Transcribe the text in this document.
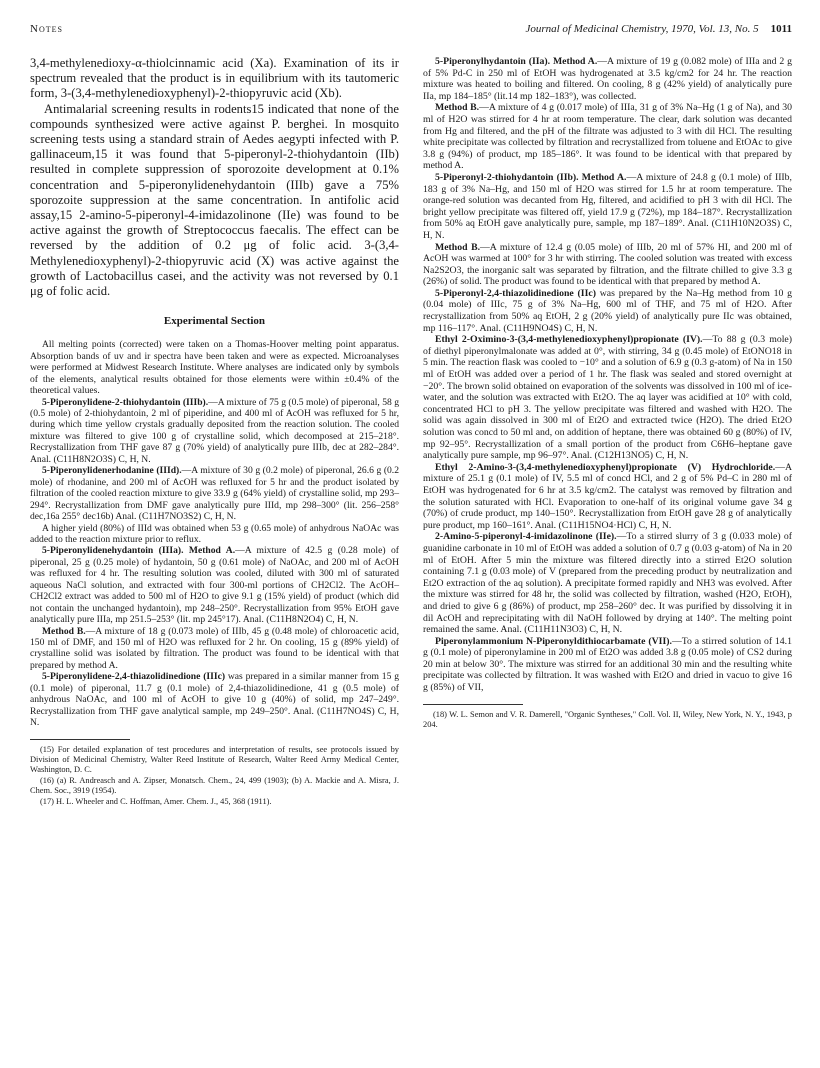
Notes	Journal of Medicinal Chemistry, 1970, Vol. 13, No. 5 1011

3,4-methylenedioxy-α-thiolcinnamic acid (Xa). Examination of its ir spectrum revealed that the product is in equilibrium with its tautomeric form, 3-(3,4-methylenedioxyphenyl)-2-thiopyruvic acid (Xb).

Antimalarial screening results in rodents15 indicated that none of the compounds synthesized were active against P. berghei. In mosquito screening tests using a standard strain of Aedes aegypti infected with P. gallinaceum,15 it was found that 5-piperonyl-2-thiohydantoin (IIb) resulted in complete suppression of sporozoite development at 0.1% concentration and 5-piperonylidenehydantoin (IIIb) gave a 75% sporozoite suppression at the same concentration. In antifolic acid assay,15 2-amino-5-piperonyl-4-imidazolinone (IIe) was found to be active against the growth of Streptococcus faecalis. The effect can be reversed by the addition of 0.2 μg of folic acid. 3-(3,4-Methylenedioxyphenyl)-2-thiopyruvic acid (X) was active against the growth of Lactobacillus casei, and the activity was not reversed by 0.1 μg of folic acid.

Experimental Section

All melting points (corrected) were taken on a Thomas-Hoover melting point apparatus. Absorption bands of uv and ir spectra have been taken and were as expected. Microanalyses were performed at Midwest Research Institute. Where analyses are indicated only by symbols of the elements, analytical results obtained for those elements were within ±0.4% of the theoretical values.

5-Piperonylidene-2-thiohydantoin (IIIb).—A mixture of 75 g (0.5 mole) of piperonal, 58 g (0.5 mole) of 2-thiohydantoin, 2 ml of piperidine, and 400 ml of AcOH was refluxed for 5 hr, during which time yellow crystals gradually deposited from the reaction solution. The cooled mixture was filtered to give 100 g of crystalline solid, which decomposed at 215–218°. Recrystallization from THF gave 87 g (70% yield) of analytically pure IIIb, dec at 282–284°. Anal. (C11H8N2O3S) C, H, N.

5-Piperonylidenerhodanine (IIId).—A mixture of 30 g (0.2 mole) of piperonal, 26.6 g (0.2 mole) of rhodanine, and 200 ml of AcOH was refluxed for 5 hr and the product isolated by filtration of the cooled reaction mixture to give 33.9 g (64% yield) of crystalline solid, mp 293–294°. Recrystallization from DMF gave analytically pure IIId, mp 298–300° (lit. 256–258° dec,16a 255° dec16b) Anal. (C11H7NO3S2) C, H, N.

A higher yield (80%) of IIId was obtained when 53 g (0.65 mole) of anhydrous NaOAc was added to the reaction mixture prior to reflux.

5-Piperonylidenehydantoin (IIIa). Method A.—A mixture of 42.5 g (0.28 mole) of piperonal, 25 g (0.25 mole) of hydantoin, 50 g (0.61 mole) of NaOAc, and 200 ml of AcOH was refluxed for 4 hr. The resulting solution was cooled, diluted with 300 ml of saturated aqueous NaCl solution, and extracted with four 300-ml portions of CH2Cl2. The AcOH–CH2Cl2 extract was added to 500 ml of H2O to give 9.1 g (15% yield) of product (which did not contain the unchanged hydantoin), mp 248–250°. Recrystallization from 95% EtOH gave analytically pure IIIa, mp 251.5–253° (lit. mp 245°17). Anal. (C11H8N2O4) C, H, N.

Method B.—A mixture of 18 g (0.073 mole) of IIIb, 45 g (0.48 mole) of chloroacetic acid, 150 ml of DMF, and 150 ml of H2O was refluxed for 2 hr. On cooling, 15 g (89% yield) of crystalline solid was isolated by filtration. The product was found to be identical with that prepared by method A.

5-Piperonylidene-2,4-thiazolidinedione (IIIc) was prepared in a similar manner from 15 g (0.1 mole) of piperonal, 11.7 g (0.1 mole) of 2,4-thiazolidinedione, 41 g (0.5 mole) of anhydrous NaOAc, and 100 ml of AcOH to give 10 g (40%) of solid, mp 247–249°. Recrystallization from THF gave analytical sample, mp 249–250°. Anal. (C11H7NO4S) C, H, N.

(15) For detailed explanation of test procedures and interpretation of results, see protocols issued by Division of Medicinal Chemistry, Walter Reed Institute of Research, Walter Reed Army Medical Center, Washington, D. C.

(16) (a) R. Andreasch and A. Zipser, Monatsch. Chem., 24, 499 (1903); (b) A. Mackie and A. Misra, J. Chem. Soc., 3919 (1954).

(17) H. L. Wheeler and C. Hoffman, Amer. Chem. J., 45, 368 (1911).

5-Piperonylhydantoin (IIa). Method A.—A mixture of 19 g (0.082 mole) of IIIa and 2 g of 5% Pd-C in 250 ml of EtOH was hydrogenated at 3.5 kg/cm2 for 24 hr. The reaction mixture was heated to boiling and filtered. On cooling, 8 g (42% yield) of analytically pure IIa, mp 184–185° (lit.14 mp 182–183°), was collected.

Method B.—A mixture of 4 g (0.017 mole) of IIIa, 31 g of 3% Na–Hg (1 g of Na), and 30 ml of H2O was stirred for 4 hr at room temperature. The clear, dark solution was decanted from Hg and filtered, and the pH of the filtrate was adjusted to 3 with dil HCl. The resulting white precipitate was collected by filtration and recrystallized from toluene and EtOAc to give 3.8 g (94%) of product, mp 185–186°. It was found to be identical with that prepared by method A.

5-Piperonyl-2-thiohydantoin (IIb). Method A.—A mixture of 24.8 g (0.1 mole) of IIIb, 183 g of 3% Na–Hg, and 150 ml of H2O was stirred for 1.5 hr at room temperature. The orange-red solution was decanted from Hg, filtered, and acidified to pH 3 with dil HCl. The bright yellow precipitate was filtered off, yield 17.9 g (72%), mp 184–187°. Recrystallization from 50% aq EtOH gave analytically pure, sample, mp 187–189°. Anal. (C11H10N2O3S) C, H, N.

Method B.—A mixture of 12.4 g (0.05 mole) of IIIb, 20 ml of 57% HI, and 200 ml of AcOH was warmed at 100° for 3 hr with stirring. The cooled solution was treated with excess Na2S2O3, the inorganic salt was separated by filtration, and the filtrate chilled to give 3.3 g (26%) of solid. The product was found to be identical with that prepared by method A.

5-Piperonyl-2,4-thiazolidinedione (IIc) was prepared by the Na–Hg method from 10 g (0.04 mole) of IIIc, 75 g of 3% Na–Hg, 600 ml of THF, and 75 ml of H2O. After recrystallization from 50% aq EtOH, 2 g (20% yield) of analytically pure IIc was obtained, mp 116–117°. Anal. (C11H9NO4S) C, H, N.

Ethyl 2-Oximino-3-(3,4-methylenedioxyphenyl)propionate (IV).—To 88 g (0.3 mole) of diethyl piperonylmalonate was added at 0°, with stirring, 34 g (0.45 mole) of EtONO18 in 5 min. The reaction flask was cooled to −10° and a solution of 6.9 g (0.3 g-atom) of Na in 150 ml of EtOH was added over a period of 1 hr. The flask was sealed and stored overnight at −20°. The brown solid obtained on evaporation of the solvents was dissolved in 100 ml of ice-water, and the solution was extracted with Et2O. The aq layer was acidified at 10° with cold, concentrated HCl to pH 3. The yellow precipitate was filtered and washed with H2O. The solid was again dissolved in 300 ml of Et2O and extracted twice (H2O). The dried Et2O solution was concd to 50 ml and, on addition of heptane, there was obtained 60 g (80%) of IV, mp 92–95°. Recrystallization of a small portion of the product from C6H6–heptane gave analytically pure sample, mp 96–97°. Anal. (C12H13NO5) C, H, N.

Ethyl 2-Amino-3-(3,4-methylenedioxyphenyl)propionate (V) Hydrochloride.—A mixture of 25.1 g (0.1 mole) of IV, 5.5 ml of concd HCl, and 2 g of 5% Pd–C in 280 ml of EtOH was hydrogenated for 6 hr at 3.5 kg/cm2. The catalyst was removed by filtration and the solution saturated with HCl. Evaporation to one-half of its original volume gave 34 g (70%) of crude product, mp 140–150°. Recrystallization from EtOH gave 28 g of analytically pure product, mp 160–161°. Anal. (C11H15NO4·HCl) C, H, N.

2-Amino-5-piperonyl-4-imidazolinone (IIe).—To a stirred slurry of 3 g (0.033 mole) of guanidine carbonate in 10 ml of EtOH was added a solution of 0.7 g (0.03 g-atom) of Na in 20 ml of EtOH. After 5 min the mixture was filtered directly into a stirred Et2O solution containing 7.1 g (0.03 mole) of V (prepared from the preceding product by neutralization and Et2O extraction of the aq solution). A precipitate formed rapidly and NH3 was evolved. After the mixture was stirred for 48 hr, the solid was collected by filtration, washed (H2O, EtOH), and dried to give 6 g (86%) of product, mp 258–260° dec. It was purified by dissolving it in dil AcOH and reprecipitating with dil NaOH followed by drying at 140°. The melting point remained the same. Anal. (C11H11N3O3) C, H, N.

Piperonylammonium N-Piperonyldithiocarbamate (VII).—To a stirred solution of 14.1 g (0.1 mole) of piperonylamine in 200 ml of Et2O was added 3.8 g (0.05 mole) of CS2 during 20 min at below 30°. The mixture was stirred for an additional 30 min and the resulting white precipitate was collected by filtration. It was washed with Et2O and dried in vacuo to give 16 g (85%) of VII,

(18) W. L. Semon and V. R. Damerell, "Organic Syntheses," Coll. Vol. II, Wiley, New York, N. Y., 1943, p 204.
